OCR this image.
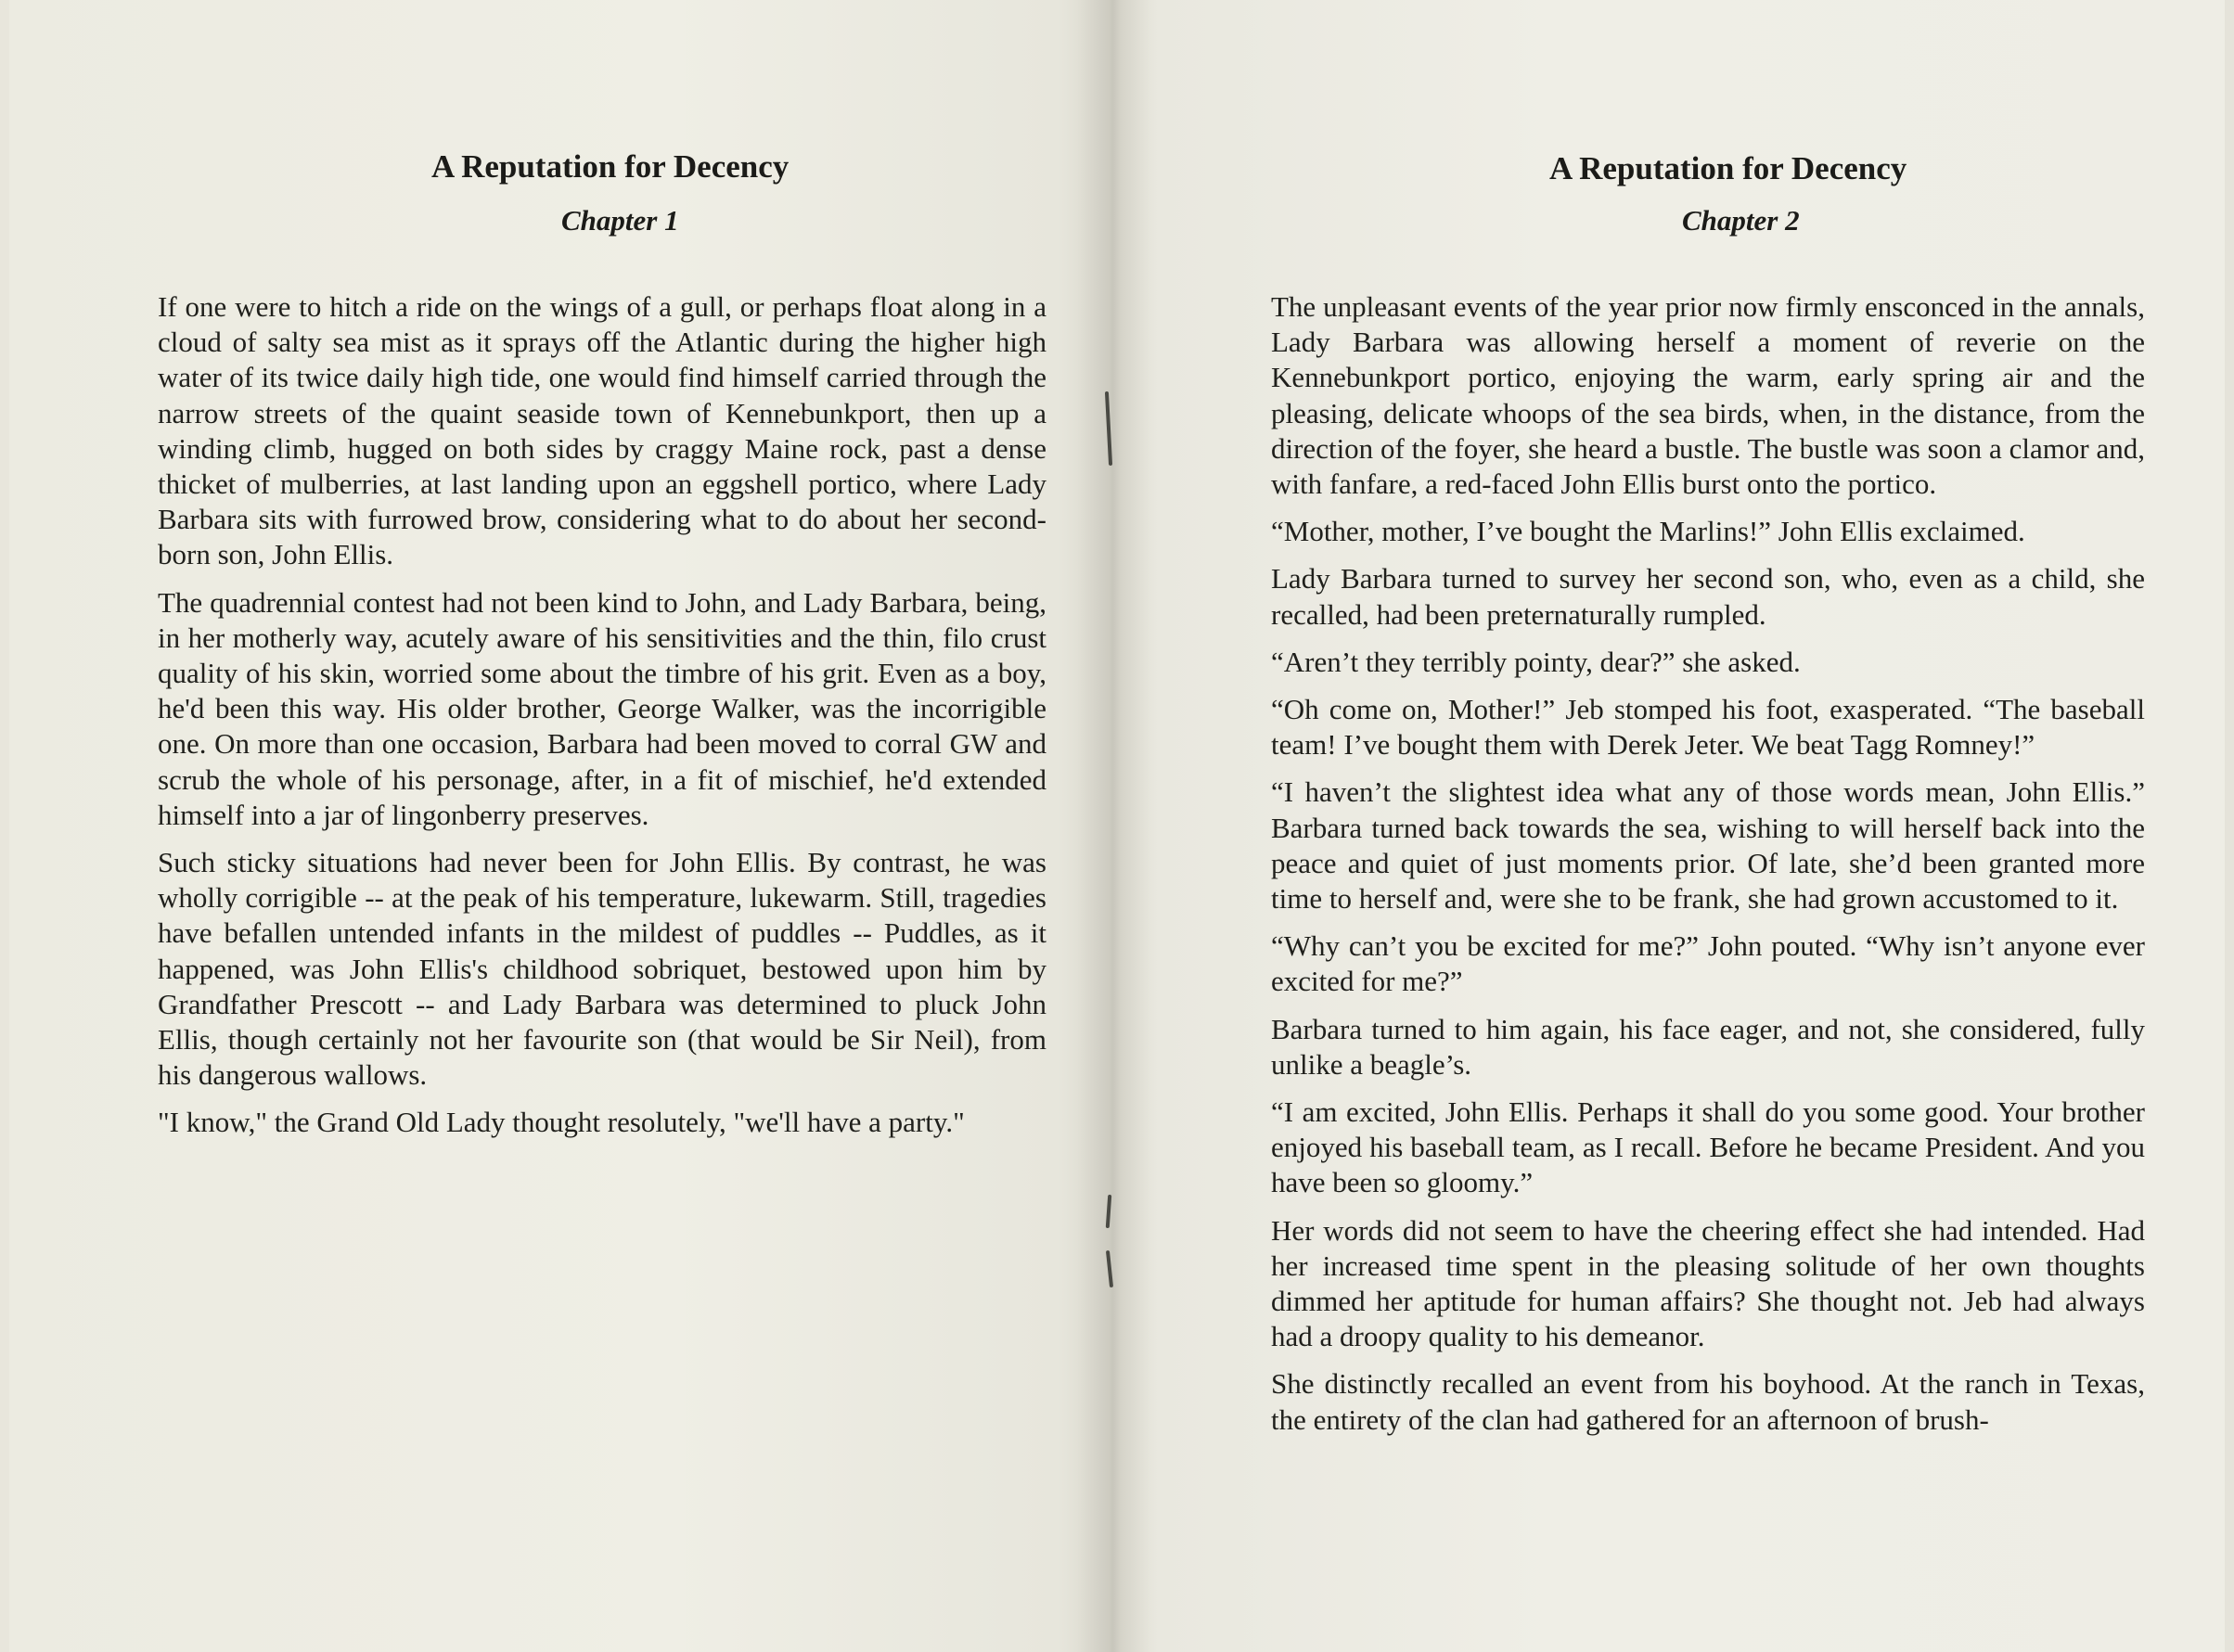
A Reputation for Decency
Chapter 1

If one were to hitch a ride on the wings of a gull, or perhaps float along in a cloud of salty sea mist as it sprays off the Atlantic during the higher high water of its twice daily high tide, one would find himself carried through the narrow streets of the quaint seaside town of Kennebunkport, then up a winding climb, hugged on both sides by craggy Maine rock, past a dense thicket of mulberries, at last landing upon an eggshell portico, where Lady Barbara sits with furrowed brow, considering what to do about her second-born son, John Ellis.

The quadrennial contest had not been kind to John, and Lady Barbara, being, in her motherly way, acutely aware of his sensitivities and the thin, filo crust quality of his skin, worried some about the timbre of his grit. Even as a boy, he'd been this way. His older brother, George Walker, was the incorrigible one. On more than one occasion, Barbara had been moved to corral GW and scrub the whole of his personage, after, in a fit of mischief, he'd extended himself into a jar of lingonberry preserves.

Such sticky situations had never been for John Ellis. By contrast, he was wholly corrigible -- at the peak of his temperature, lukewarm. Still, tragedies have befallen untended infants in the mildest of puddles -- Puddles, as it happened, was John Ellis's childhood sobriquet, bestowed upon him by Grandfather Prescott -- and Lady Barbara was determined to pluck John Ellis, though certainly not her favourite son (that would be Sir Neil), from his dangerous wallows.

"I know," the Grand Old Lady thought resolutely, "we'll have a party."

A Reputation for Decency
Chapter 2

The unpleasant events of the year prior now firmly ensconced in the annals, Lady Barbara was allowing herself a moment of reverie on the Kennebunkport portico, enjoying the warm, early spring air and the pleasing, delicate whoops of the sea birds, when, in the distance, from the direction of the foyer, she heard a bustle. The bustle was soon a clamor and, with fanfare, a red-faced John Ellis burst onto the portico.

“Mother, mother, I’ve bought the Marlins!” John Ellis exclaimed.

Lady Barbara turned to survey her second son, who, even as a child, she recalled, had been preternaturally rumpled.

“Aren’t they terribly pointy, dear?” she asked.

“Oh come on, Mother!” Jeb stomped his foot, exasperated. “The baseball team! I’ve bought them with Derek Jeter. We beat Tagg Romney!”

“I haven’t the slightest idea what any of those words mean, John Ellis.” Barbara turned back towards the sea, wishing to will herself back into the peace and quiet of just moments prior. Of late, she’d been granted more time to herself and, were she to be frank, she had grown accustomed to it.

“Why can’t you be excited for me?” John pouted. “Why isn’t anyone ever excited for me?”

Barbara turned to him again, his face eager, and not, she considered, fully unlike a beagle’s.

“I am excited, John Ellis. Perhaps it shall do you some good. Your brother enjoyed his baseball team, as I recall. Before he became President. And you have been so gloomy.”

Her words did not seem to have the cheering effect she had intended. Had her increased time spent in the pleasing solitude of her own thoughts dimmed her aptitude for human affairs? She thought not. Jeb had always had a droopy quality to his demeanor.

She distinctly recalled an event from his boyhood. At the ranch in Texas, the entirety of the clan had gathered for an afternoon of brush-
